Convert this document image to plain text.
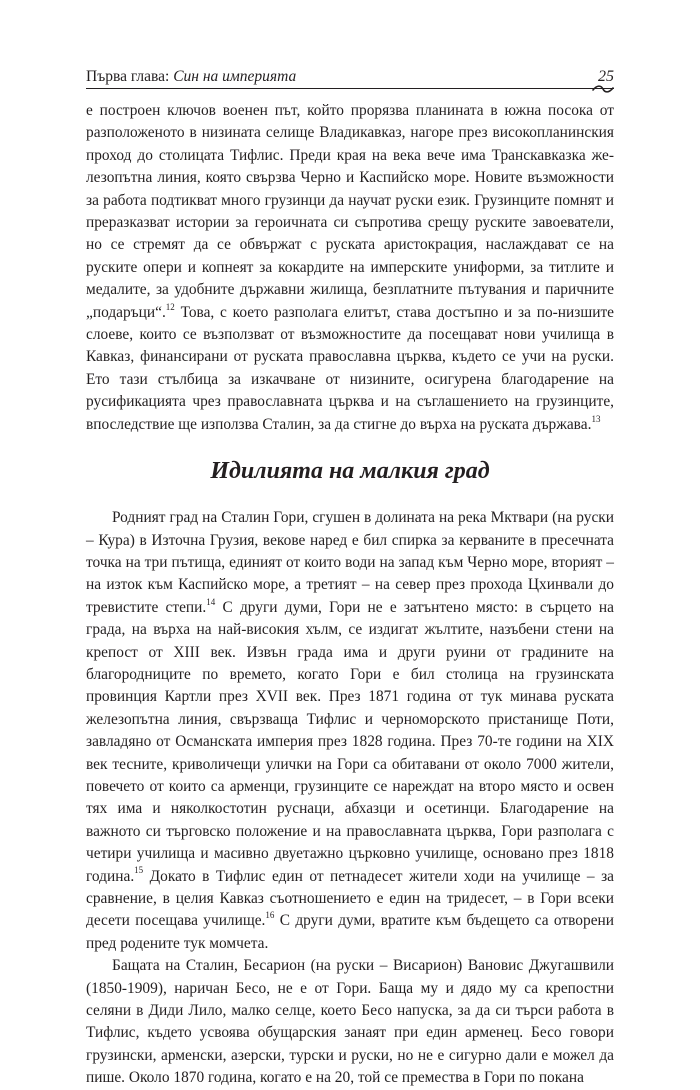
Първа глава: Син на империята	25

е построен ключов военен път, който прорязва планината в южна посока от разположеното в низината селище Владикавказ, нагоре през високопланинския проход до столицата Тифлис. Преди края на века вече има Транскавказка железопътна линия, която свързва Черно и Каспийско море. Новите възможности за работа подтикват много грузинци да научат руски език. Грузинците помнят и преразказват истории за героичната си съпротива срещу руските завоеватели, но се стремят да се обвържат с руската аристокрация, наслаждават се на руските опери и копнеят за кокардите на имперските униформи, за титлите и медалите, за удобните държавни жилища, безплатните пътувания и паричните „подаръци“.$^{12}$ Това, с което разполага елитът, става достъпно и за по-низшите слоеве, които се възползват от възможностите да посещават нови училища в Кавказ, финансирани от руската православна църква, където се учи на руски. Ето тази стълбица за изкачване от низините, осигурена благодарение на русификацията чрез православната църква и на съглашението на грузинците, впоследствие ще използва Сталин, за да стигне до върха на руската държава.$^{13}$

Идилията на малкия град

Родният град на Сталин Гори, сгушен в долината на река Мктвари (на руски – Кура) в Източна Грузия, векове наред е бил спирка за керваните в пресечната точка на три пътища, единият от които води на запад към Черно море, вторият – на изток към Каспийско море, а третият – на север през прохода Цхинвали до тревистите степи.$^{14}$ С други думи, Гори не е затънтено място: в сърцето на града, на върха на най-високия хълм, се издигат жълтите, назъбени стени на крепост от XIII век. Извън града има и други руини от градините на благородниците по времето, когато Гори е бил столица на грузинската провинция Картли през XVII век. През 1871 година от тук минава руската железопътна линия, свързваща Тифлис и черноморското пристанище Поти, завладяно от Османската империя през 1828 година. През 70-те години на XIX век тесните, криволичещи улички на Гори са обитавани от около 7000 жители, повечето от които са арменци, грузинците се нареждат на второ място и освен тях има и няколкостотин руснаци, абхазци и осетинци. Благодарение на важното си търговско положение и на православната църква, Гори разполага с четири училища и масивно двуетажно църковно училище, основано през 1818 година.$^{15}$ Докато в Тифлис един от петнадесет жители ходи на училище – за сравнение, в целия Кавказ съотношението е един на тридесет, – в Гори всеки десети посещава училище.$^{16}$ С други думи, вратите към бъдещето са отворени пред родените тук момчета.

Бащата на Сталин, Бесарион (на руски – Висарион) Вановис Джугашвили (1850-1909), наричан Бесо, не е от Гори. Баща му и дядо му са крепостни селяни в Диди Лило, малко селце, което Бесо напуска, за да си търси работа в Тифлис, където усвоява обущарския занаят при един арменец. Бесо говори грузински, арменски, азерски, турски и руски, но не е сигурно дали е можел да пише. Около 1870 година, когато е на 20, той се премества в Гори по покана
